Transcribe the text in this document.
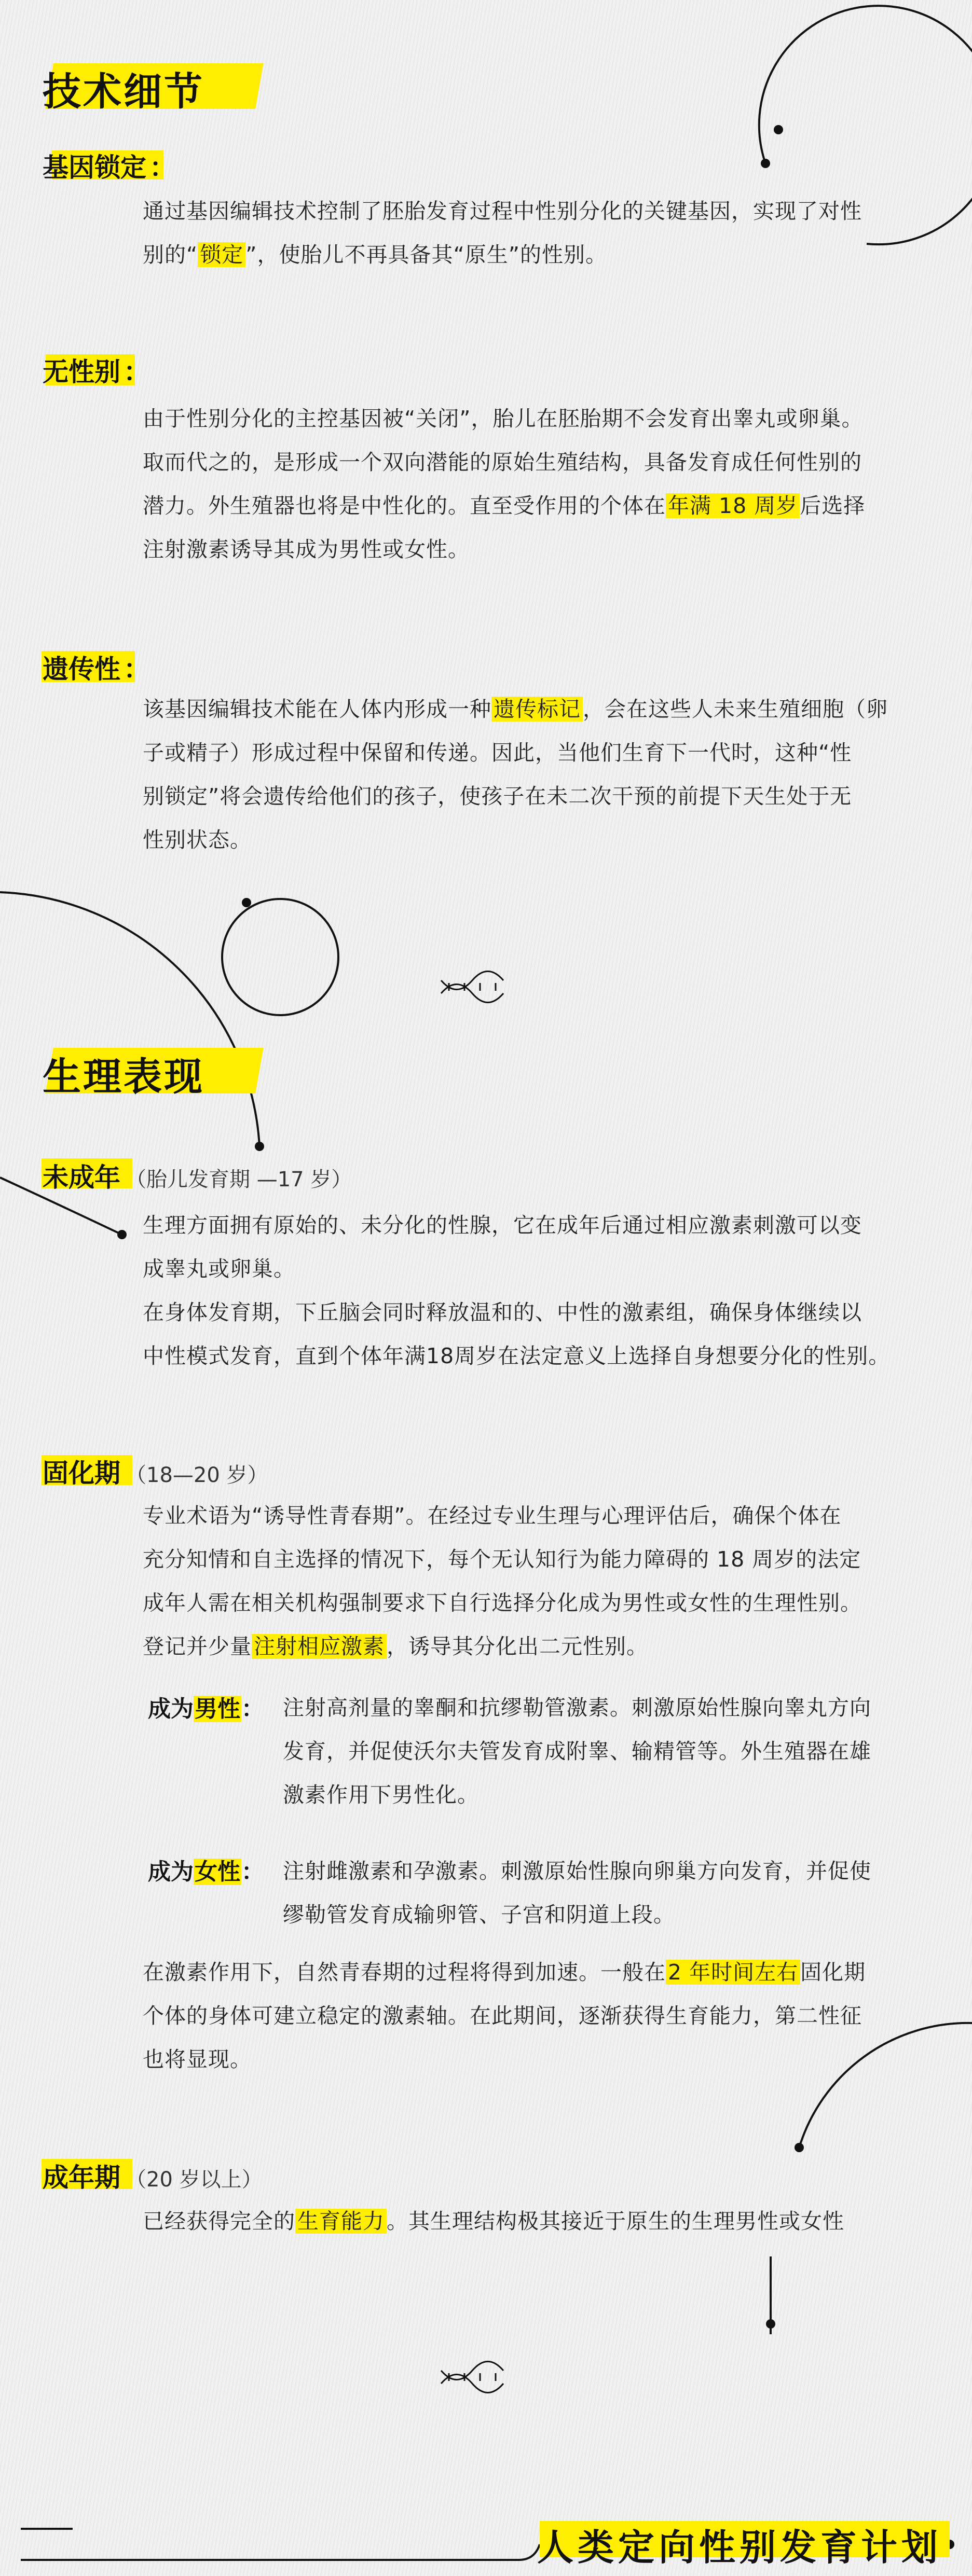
技术细节
基因锁定 ：
通过基因编辑技术控制了胚胎发育过程中性别分化的关键基因，实现了对性
别的“锁定”，使胎儿不再具备其“原生”的性别。
无性别 ：
由于性别分化的主控基因被“关闭”，胎儿在胚胎期不会发育出睾丸或卵巢。
取而代之的，是形成一个双向潜能的原始生殖结构，具备发育成任何性别的
潜力。外生殖器也将是中性化的。直至受作用的个体在年满 18 周岁后选择
注射激素诱导其成为男性或女性。
遗传性 ：
该基因编辑技术能在人体内形成一种遗传标记，会在这些人未来生殖细胞（卵
子或精子）形成过程中保留和传递。因此，当他们生育下一代时，这种“性
别锁定”将会遗传给他们的孩子，使孩子在未二次干预的前提下天生处于无
性别状态。
生理表现
未成年 （胎儿发育期 —17 岁）
生理方面拥有原始的、未分化的性腺，它在成年后通过相应激素刺激可以变
成睾丸或卵巢。
在身体发育期，下丘脑会同时释放温和的、中性的激素组，确保身体继续以
中性模式发育，直到个体年满18周岁在法定意义上选择自身想要分化的性别。
固化期 （18—20 岁）
专业术语为“诱导性青春期”。在经过专业生理与心理评估后，确保个体在
充分知情和自主选择的情况下，每个无认知行为能力障碍的 18 周岁的法定
成年人需在相关机构强制要求下自行选择分化成为男性或女性的生理性别。
登记并少量注射相应激素，诱导其分化出二元性别。
成为男性： 注射高剂量的睾酮和抗缪勒管激素。刺激原始性腺向睾丸方向
发育，并促使沃尔夫管发育成附睾、输精管等。外生殖器在雄
激素作用下男性化。
成为女性： 注射雌激素和孕激素。刺激原始性腺向卵巢方向发育，并促使
缪勒管发育成输卵管、子宫和阴道上段。
在激素作用下，自然青春期的过程将得到加速。一般在2 年时间左右固化期
个体的身体可建立稳定的激素轴。在此期间，逐渐获得生育能力，第二性征
也将显现。
成年期 （20 岁以上）
已经获得完全的生育能力。其生理结构极其接近于原生的生理男性或女性
人类定向性别发育计划
